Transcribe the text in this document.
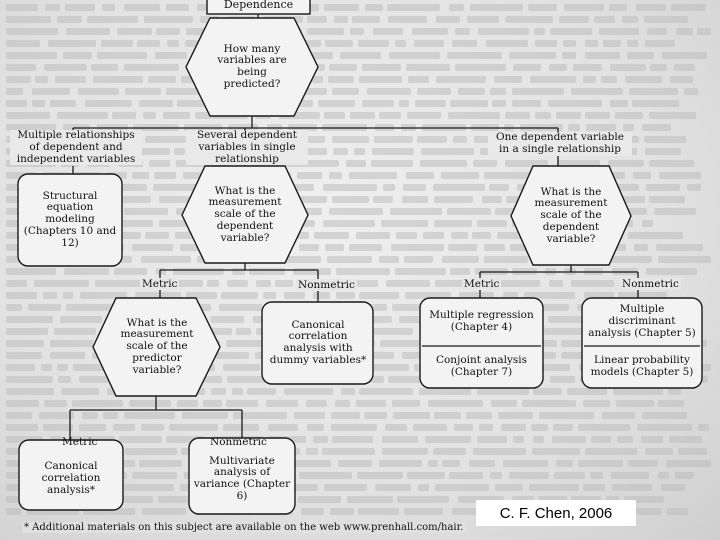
Dependence
How many variables are being predicted?
Multiple relationships of dependent and independent variables
Several dependent variables in single relationship
One dependent variable in a single relationship
Structural equation modeling (Chapters 10 and 12)
What is the measurement scale of the dependent variable?
What is the measurement scale of the dependent variable?
Metric	Nonmetric	Metric	Nonmetric
What is the measurement scale of the predictor variable?
Canonical correlation analysis with dummy variables*
Multiple regression (Chapter 4)
Conjoint analysis (Chapter 7)
Multiple discriminant analysis (Chapter 5)
Linear probability models (Chapter 5)
Metric	Nonmetric
Canonical correlation analysis*
Multivariate analysis of variance (Chapter 6)
* Additional materials on this subject are available on the web www.prenhall.com/hair.
C. F. Chen, 2006
